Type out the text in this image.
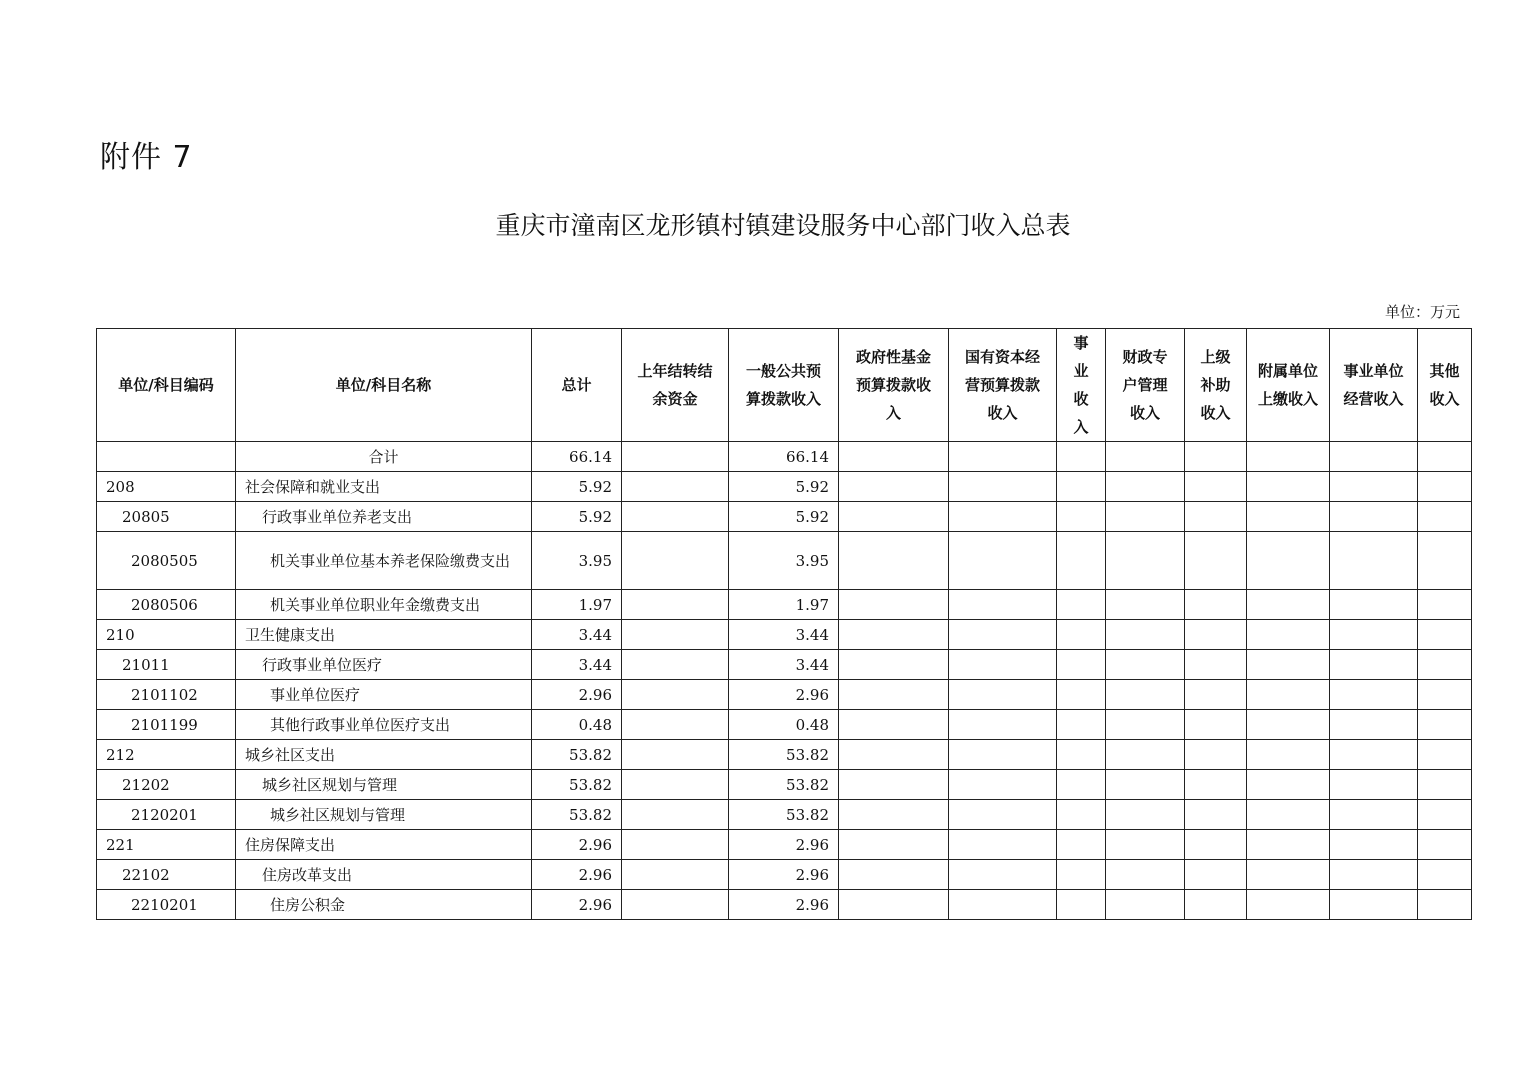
附件 7
重庆市潼南区龙形镇村镇建设服务中心部门收入总表
单位：万元
单位/科目编码	单位/科目名称	总计	上年结转结余资金	一般公共预算拨款收入	政府性基金预算拨款收入	国有资本经营预算拨款收入	事业收入	财政专户管理收入	上级补助收入	附属单位上缴收入	事业单位经营收入	其他收入
	合计	66.14		66.14								
208	社会保障和就业支出	5.92		5.92								
20805	行政事业单位养老支出	5.92		5.92								
2080505	机关事业单位基本养老保险缴费支出	3.95		3.95								
2080506	机关事业单位职业年金缴费支出	1.97		1.97								
210	卫生健康支出	3.44		3.44								
21011	行政事业单位医疗	3.44		3.44								
2101102	事业单位医疗	2.96		2.96								
2101199	其他行政事业单位医疗支出	0.48		0.48								
212	城乡社区支出	53.82		53.82								
21202	城乡社区规划与管理	53.82		53.82								
2120201	城乡社区规划与管理	53.82		53.82								
221	住房保障支出	2.96		2.96								
22102	住房改革支出	2.96		2.96								
2210201	住房公积金	2.96		2.96								
